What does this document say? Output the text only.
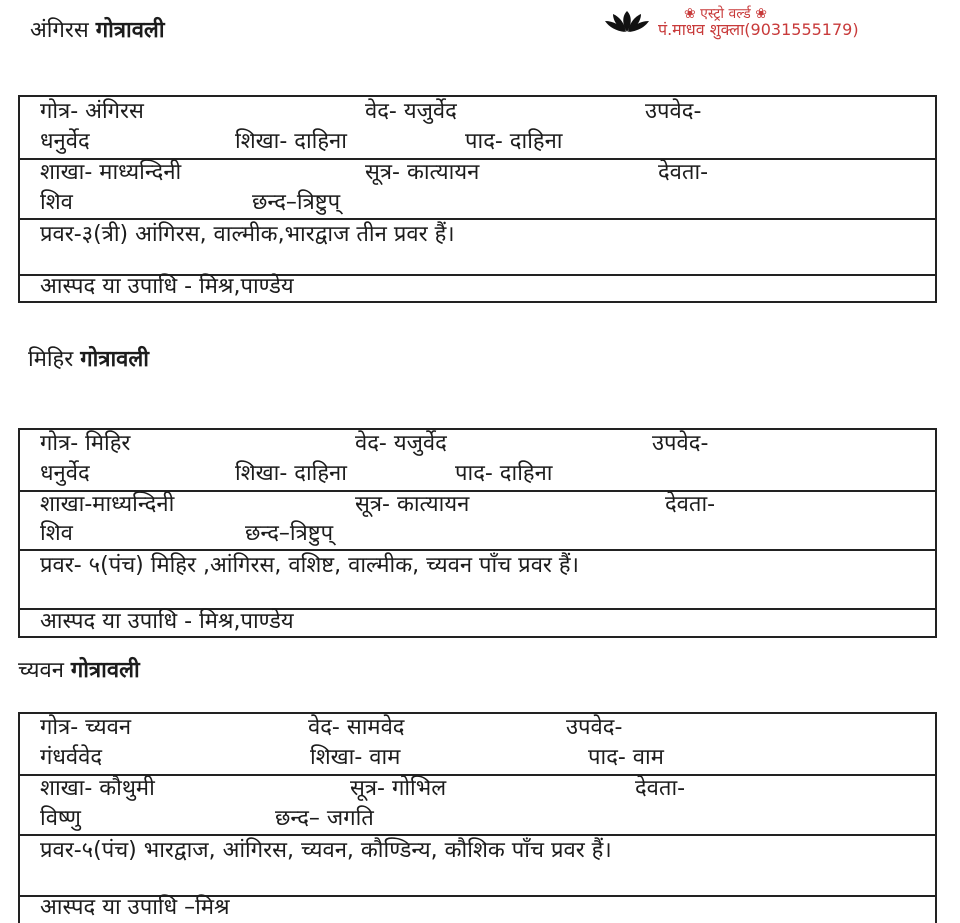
❀ एस्ट्रो वर्ल्ड ❀
पं.माधव शुक्ला(9031555179)
अंगिरस गोत्रावली
गोत्र- अंगिरस	वेद- यजुर्वेद	उपवेद-
धनुर्वेद	शिखा- दाहिना	पाद- दाहिना
शाखा- माध्यन्दिनी	सूत्र- कात्यायन	देवता-
शिव	छन्द–त्रिष्टुप्
प्रवर-३(त्री) आंगिरस, वाल्मीक,भारद्वाज तीन प्रवर हैं।
आस्पद या उपाधि - मिश्र,पाण्डेय
मिहिर गोत्रावली
गोत्र- मिहिर	वेद- यजुर्वेद	उपवेद-
धनुर्वेद	शिखा- दाहिना	पाद- दाहिना
शाखा-माध्यन्दिनी	सूत्र- कात्यायन	देवता-
शिव	छन्द–त्रिष्टुप्
प्रवर- ५(पंच) मिहिर ,आंगिरस, वशिष्ट, वाल्मीक, च्यवन पाँच प्रवर हैं।
आस्पद या उपाधि - मिश्र,पाण्डेय
च्यवन गोत्रावली
गोत्र- च्यवन	वेद- सामवेद	उपवेद-
गंधर्ववेद	शिखा- वाम	पाद- वाम
शाखा- कौथुमी	सूत्र- गोभिल	देवता-
विष्णु	छन्द– जगति
प्रवर-५(पंच) भारद्वाज, आंगिरस, च्यवन, कौण्डिन्य, कौशिक पाँच प्रवर हैं।
आस्पद या उपाधि –मिश्र
